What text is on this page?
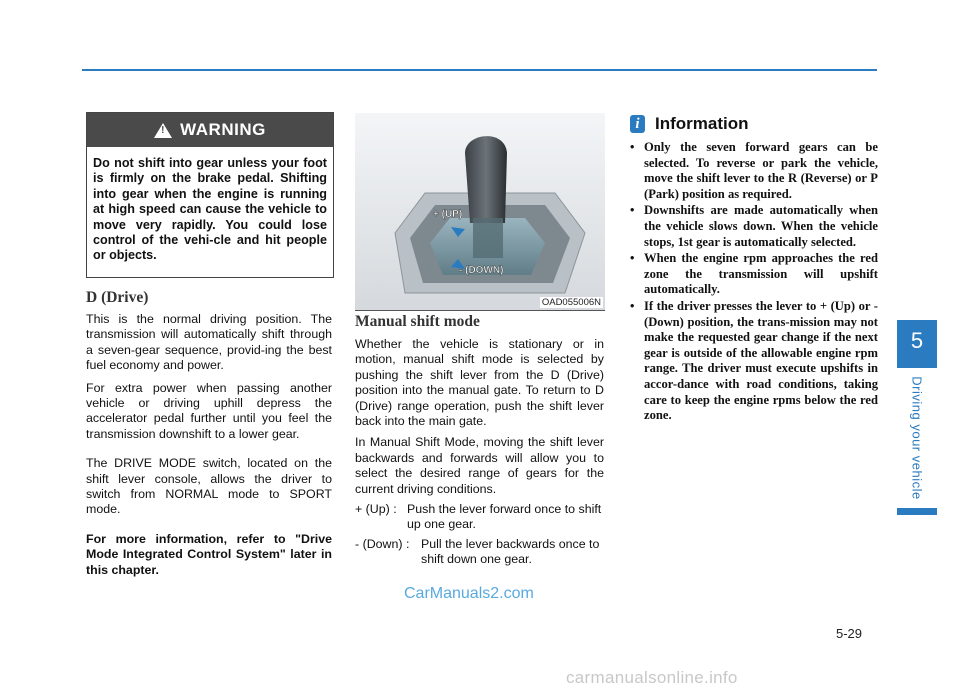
! WARNING
Do not shift into gear unless your foot is firmly on the brake pedal. Shifting into gear when the engine is running at high speed can cause the vehicle to move very rapidly. You could lose control of the vehi-cle and hit people or objects.
D (Drive)

This is the normal driving position. The transmission will automatically shift through a seven-gear sequence, provid-ing the best fuel economy and power.

For extra power when passing another vehicle or driving uphill depress the accelerator pedal further until you feel the transmission downshift to a lower gear.

The DRIVE MODE switch, located on the shift lever console, allows the driver to switch from NORMAL mode to SPORT mode.

For more information, refer to "Drive Mode Integrated Control System" later in this chapter.

+ (UP)
- (DOWN)
OAD055006N
Manual shift mode

Whether the vehicle is stationary or in motion, manual shift mode is selected by pushing the shift lever from the D (Drive) position into the manual gate. To return to D (Drive) range operation, push the shift lever back into the main gate.

In Manual Shift Mode, moving the shift lever backwards and forwards will allow you to select the desired range of gears for the current driving conditions.

+ (Up) : Push the lever forward once to shift up one gear.
- (Down) : Pull the lever backwards once to shift down one gear.
i Information
• Only the seven forward gears can be selected. To reverse or park the vehicle, move the shift lever to the R (Reverse) or P (Park) position as required.
• Downshifts are made automatically when the vehicle slows down. When the vehicle stops, 1st gear is automatically selected.
• When the engine rpm approaches the red zone the transmission will upshift automatically.
• If the driver presses the lever to + (Up) or - (Down) position, the trans-mission may not make the requested gear change if the next gear is outside of the allowable engine rpm range. The driver must execute upshifts in accor-dance with road conditions, taking care to keep the engine rpms below the red zone.
5
Driving your vehicle
5-29
CarManuals2.com
carmanualsonline.info
